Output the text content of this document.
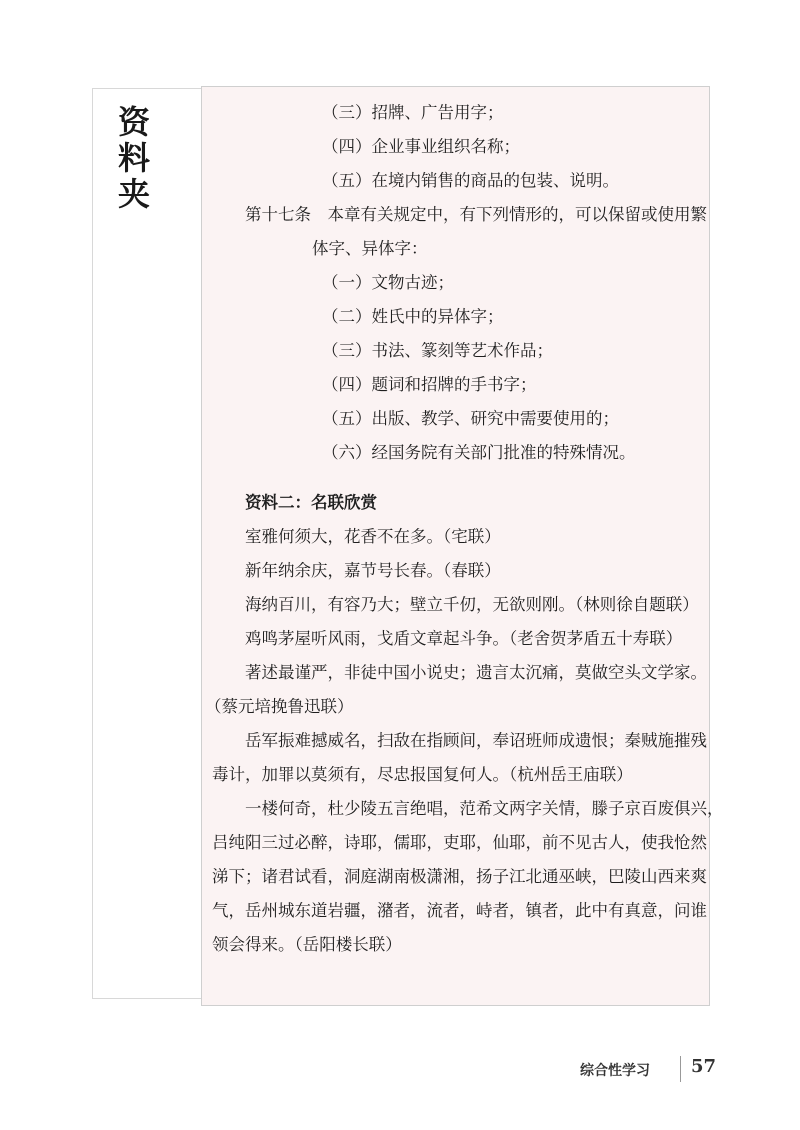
资
料
夹
（三）招牌、广告用字；
（四）企业事业组织名称；
（五）在境内销售的商品的包装、说明。
第十七条　本章有关规定中，有下列情形的，可以保留或使用繁
体字、异体字：
（一）文物古迹；
（二）姓氏中的异体字；
（三）书法、篆刻等艺术作品；
（四）题词和招牌的手书字；
（五）出版、教学、研究中需要使用的；
（六）经国务院有关部门批准的特殊情况。
资料二：名联欣赏
室雅何须大，花香不在多。（宅联）
新年纳余庆，嘉节号长春。（春联）
海纳百川，有容乃大；壁立千仞，无欲则刚。（林则徐自题联）
鸡鸣茅屋听风雨，戈盾文章起斗争。（老舍贺茅盾五十寿联）
著述最谨严，非徒中国小说史；遗言太沉痛，莫做空头文学家。
（蔡元培挽鲁迅联）
岳军振难撼威名，扫敌在指顾间，奉诏班师成遗恨；秦贼施摧残
毒计，加罪以莫须有，尽忠报国复何人。（杭州岳王庙联）
一楼何奇，杜少陵五言绝唱，范希文两字关情，滕子京百废俱兴，
吕纯阳三过必醉，诗耶，儒耶，吏耶，仙耶，前不见古人，使我怆然
涕下；诸君试看，洞庭湖南极潇湘，扬子江北通巫峡，巴陵山西来爽
气，岳州城东道岩疆，潴者，流者，峙者，镇者，此中有真意，问谁
领会得来。（岳阳楼长联）
综合性学习 57
